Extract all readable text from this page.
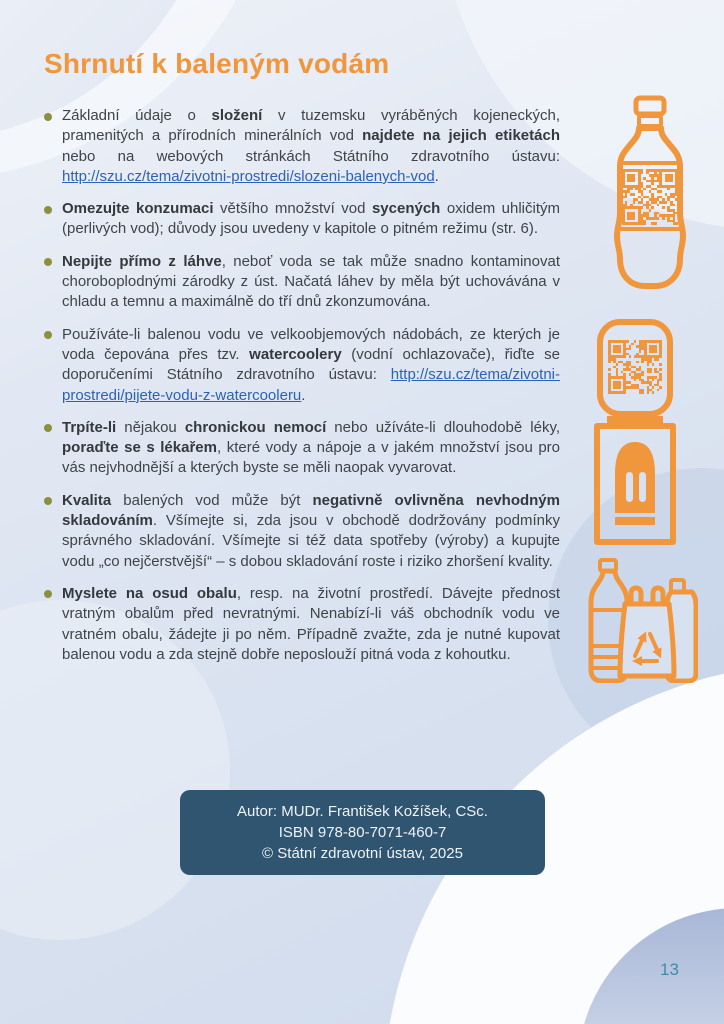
Shrnutí k baleným vodám
Základní údaje o složení v tuzemsku vyráběných kojeneckých, pramenitých a přírodních minerálních vod najdete na jejich etiketách nebo na webových stránkách Státního zdravotního ústavu: http://szu.cz/tema/zivotni-prostredi/slozeni-balenych-vod.
Omezujte konzumaci většího množství vod sycených oxidem uhličitým (perlivých vod); důvody jsou uvedeny v kapitole o pitném režimu (str. 6).
Nepijte přímo z láhve, neboť voda se tak může snadno kontaminovat choroboplodnými zárodky z úst. Načatá láhev by měla být uchovávána v chladu a temnu a maximálně do tří dnů zkonzumována.
Používáte-li balenou vodu ve velkoobjemových nádobách, ze kterých je voda čepována přes tzv. watercoolery (vodní ochlazovače), řiďte se doporučeními Státního zdravotního ústavu: http://szu.cz/tema/zivotni-prostredi/pijete-vodu-z-watercooleru.
Trpíte-li nějakou chronickou nemocí nebo užíváte-li dlouhodobě léky, poraďte se s lékařem, které vody a nápoje a v jakém množství jsou pro vás nejvhodnější a kterých byste se měli naopak vyvarovat.
Kvalita balených vod může být negativně ovlivněna nevhodným skladováním. Všímejte si, zda jsou v obchodě dodržovány podmínky správného skladování. Všímejte si též data spotřeby (výroby) a kupujte vodu „co nejčerstvější“ – s dobou skladování roste i riziko zhoršení kvality.
Myslete na osud obalu, resp. na životní prostředí. Dávejte přednost vratným obalům před nevratnými. Nenabízí-li váš obchodník vodu ve vratném obalu, žádejte ji po něm. Případně zvažte, zda je nutné kupovat balenou vodu a zda stejně dobře neposlouží pitná voda z kohoutku.
Autor: MUDr. František Kožíšek, CSc.
ISBN 978-80-7071-460-7
© Státní zdravotní ústav, 2025
13
